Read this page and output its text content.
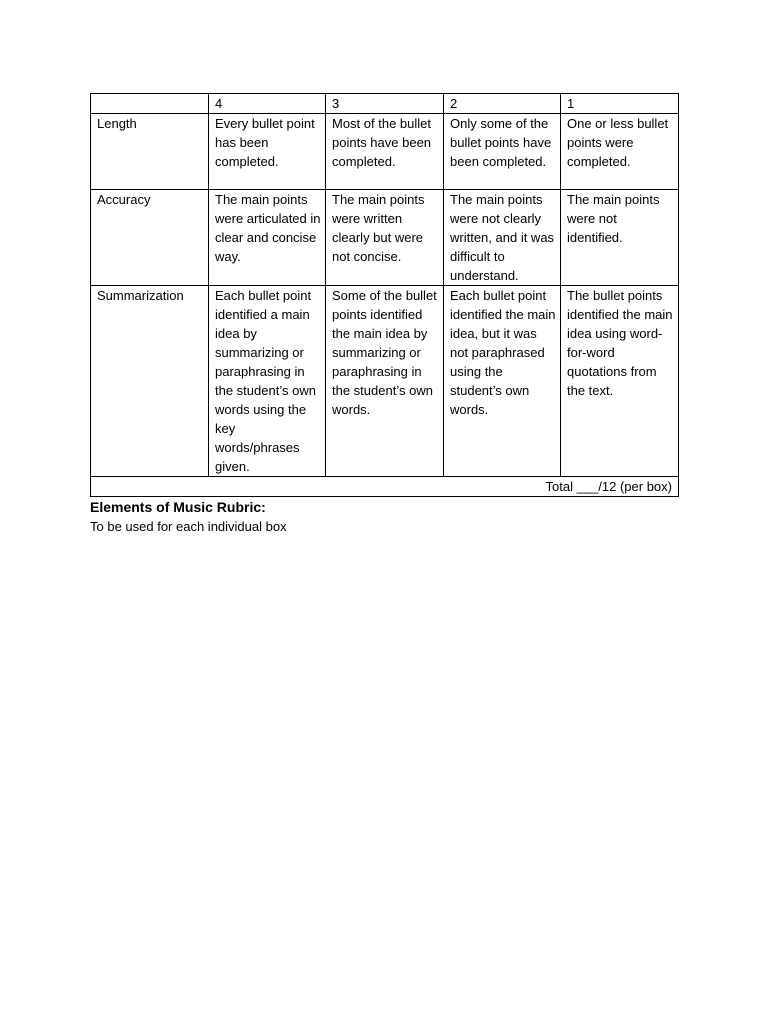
	4	3	2	1
Length	Every bullet point has been completed.	Most of the bullet points have been completed.	Only some of the bullet points have been completed.	One or less bullet points were completed.
Accuracy	The main points were articulated in clear and concise way.	The main points were written clearly but were not concise.	The main points were not clearly written, and it was difficult to understand.	The main points were not identified.
Summarization	Each bullet point identified a main idea by summarizing or paraphrasing in the student’s own words using the key words/phrases given.	Some of the bullet points identified the main idea by summarizing or paraphrasing in the student’s own words.	Each bullet point identified the main idea, but it was not paraphrased using the student’s own words.	The bullet points identified the main idea using word-for-word quotations from the text.
Total ___/12 (per box)				
Elements of Music Rubric:

To be used for each individual box
